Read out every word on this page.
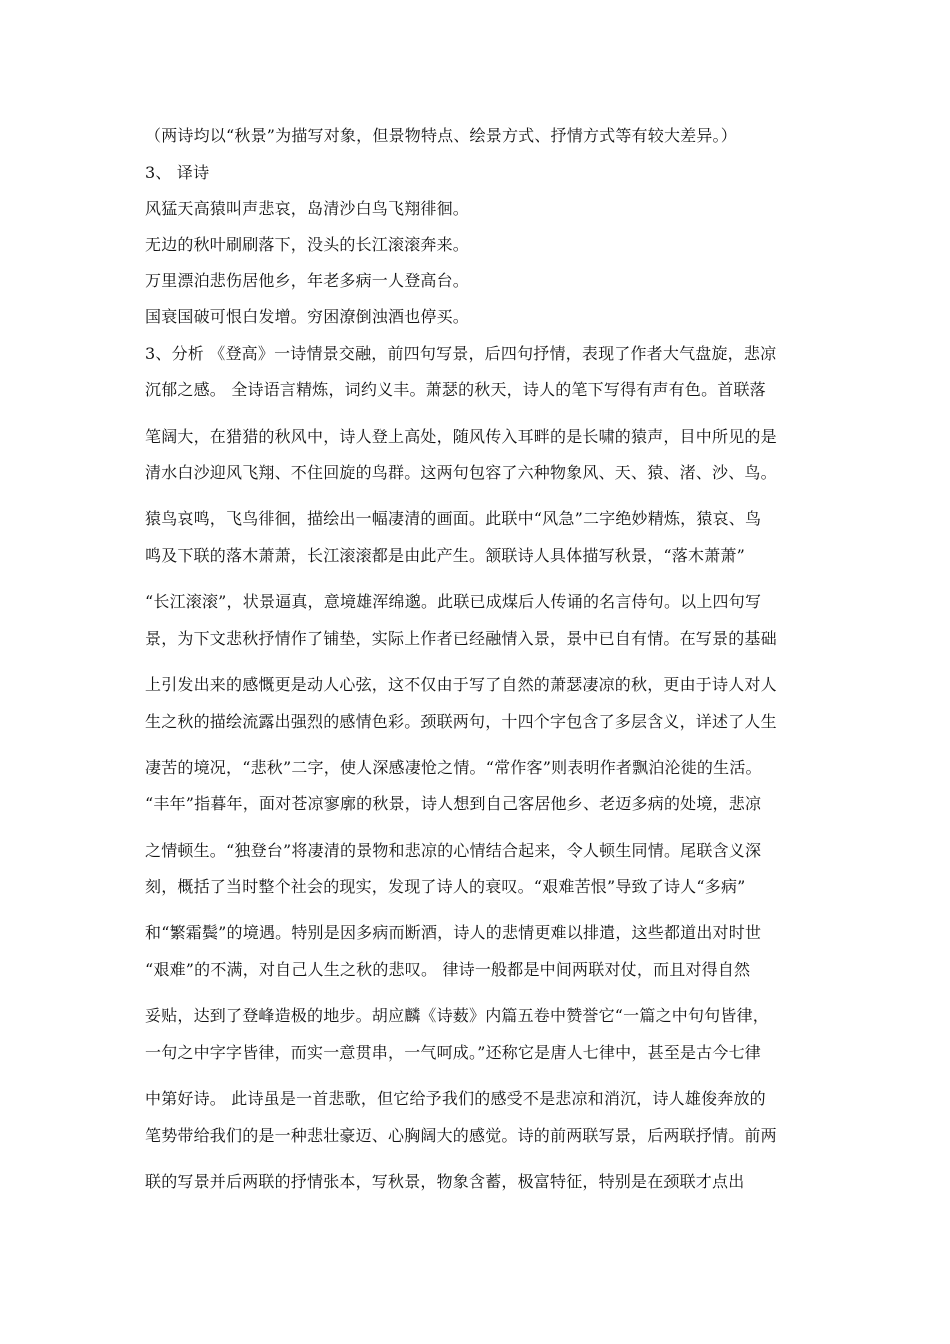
（两诗均以“秋景”为描写对象，但景物特点、绘景方式、抒情方式等有较大差异。）
3、 译诗
风猛天高猿叫声悲哀，岛清沙白鸟飞翔徘徊。
无边的秋叶刷刷落下，没头的长江滚滚奔来。
万里漂泊悲伤居他乡，年老多病一人登高台。
国衰国破可恨白发增。穷困潦倒浊酒也停买。
3、分析 《登高》一诗情景交融，前四句写景，后四句抒情，表现了作者大气盘旋，悲凉
沉郁之感。 全诗语言精炼，词约义丰。萧瑟的秋天，诗人的笔下写得有声有色。首联落
笔阔大，在猎猎的秋风中，诗人登上高处，随风传入耳畔的是长啸的猿声，目中所见的是
清水白沙迎风飞翔、不住回旋的鸟群。这两句包容了六种物象风、天、猿、渚、沙、鸟。
猿鸟哀鸣，飞鸟徘徊，描绘出一幅凄清的画面。此联中“风急”二字绝妙精炼，猿哀、鸟
鸣及下联的落木萧萧，长江滚滚都是由此产生。颔联诗人具体描写秋景，“落木萧萧”
“长江滚滚”，状景逼真，意境雄浑绵邈。此联已成煤后人传诵的名言侍句。以上四句写
景，为下文悲秋抒情作了铺垫，实际上作者已经融情入景，景中已自有情。在写景的基础
上引发出来的感慨更是动人心弦，这不仅由于写了自然的萧瑟凄凉的秋，更由于诗人对人
生之秋的描绘流露出强烈的感情色彩。颈联两句，十四个字包含了多层含义，详述了人生
凄苦的境况，“悲秋”二字，使人深感凄怆之情。“常作客”则表明作者飘泊沦徙的生活。
“丰年”指暮年，面对苍凉寥廓的秋景，诗人想到自己客居他乡、老迈多病的处境，悲凉
之情顿生。“独登台”将凄清的景物和悲凉的心情结合起来，令人顿生同情。尾联含义深
刻，概括了当时整个社会的现实，发现了诗人的衰叹。“艰难苦恨”导致了诗人“多病”
和“繁霜鬓”的境遇。特别是因多病而断酒，诗人的悲情更难以排遣，这些都道出对时世
“艰难”的不满，对自己人生之秋的悲叹。 律诗一般都是中间两联对仗，而且对得自然
妥贴，达到了登峰造极的地步。胡应麟《诗薮》内篇五卷中赞誉它“一篇之中句句皆律，
一句之中字字皆律，而实一意贯串，一气呵成。”还称它是唐人七律中，甚至是古今七律
中第好诗。 此诗虽是一首悲歌，但它给予我们的感受不是悲凉和消沉，诗人雄俊奔放的
笔势带给我们的是一种悲壮豪迈、心胸阔大的感觉。诗的前两联写景，后两联抒情。前两
联的写景并后两联的抒情张本，写秋景，物象含蓄，极富特征，特别是在颈联才点出
